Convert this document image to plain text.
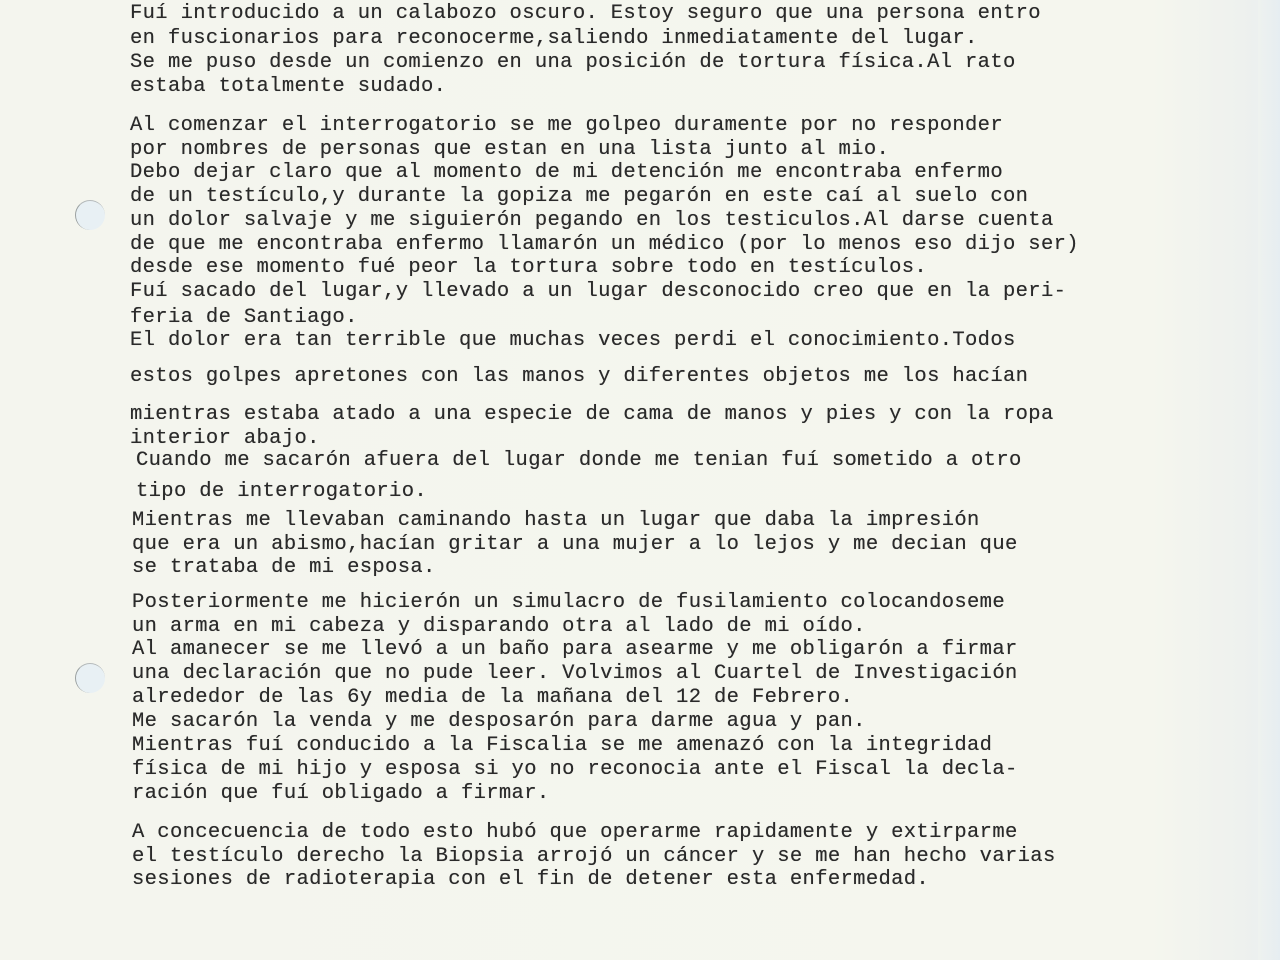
Fuí introducido a un calabozo oscuro. Estoy seguro que una persona entro

en fuscionarios para reconocerme,saliendo inmediatamente del lugar.

Se me puso desde un comienzo en una posición de tortura física.Al rato

estaba totalmente sudado.

Al comenzar el interrogatorio se me golpeo duramente por no responder

por nombres de personas que estan en una lista junto al mio.

Debo dejar claro que al momento de mi detención me encontraba enfermo

de un testículo,y durante la gopiza me pegarón en este caí al suelo con

un dolor salvaje y me siguierón pegando en los testiculos.Al darse cuenta

de que me encontraba enfermo llamarón un médico (por lo menos eso dijo ser)

desde ese momento fué peor la tortura sobre todo en testículos.

Fuí sacado del lugar,y llevado a un lugar desconocido creo que en la peri-

feria de Santiago.

El dolor era tan terrible que muchas veces perdi el conocimiento.Todos

estos golpes apretones con las manos y diferentes objetos me los hacían

mientras estaba atado a una especie de cama de manos y pies y con la ropa

interior abajo.

Cuando me sacarón afuera del lugar donde me tenian fuí sometido a otro

tipo de interrogatorio.

Mientras me llevaban caminando hasta un lugar que daba la impresión

que era un abismo,hacían gritar a una mujer a lo lejos y me decian que

se trataba de mi esposa.

Posteriormente me hicierón un simulacro de fusilamiento colocandoseme

un arma en mi cabeza y disparando otra al lado de mi oído.

Al amanecer se me llevó a un baño para asearme y me obligarón a firmar

una declaración que no pude leer. Volvimos al Cuartel de Investigación

alrededor de las 6y media de la mañana del 12 de Febrero.

Me sacarón la venda y me desposarón para darme agua y pan.

Mientras fuí conducido a la Fiscalia se me amenazó con la integridad

física de mi hijo y esposa si yo no reconocia ante el Fiscal la decla-

ración que fuí obligado a firmar.

A concecuencia de todo esto hubó que operarme rapidamente y extirparme

el testículo derecho la Biopsia arrojó un cáncer y se me han hecho varias

sesiones de radioterapia con el fin de detener esta enfermedad.
